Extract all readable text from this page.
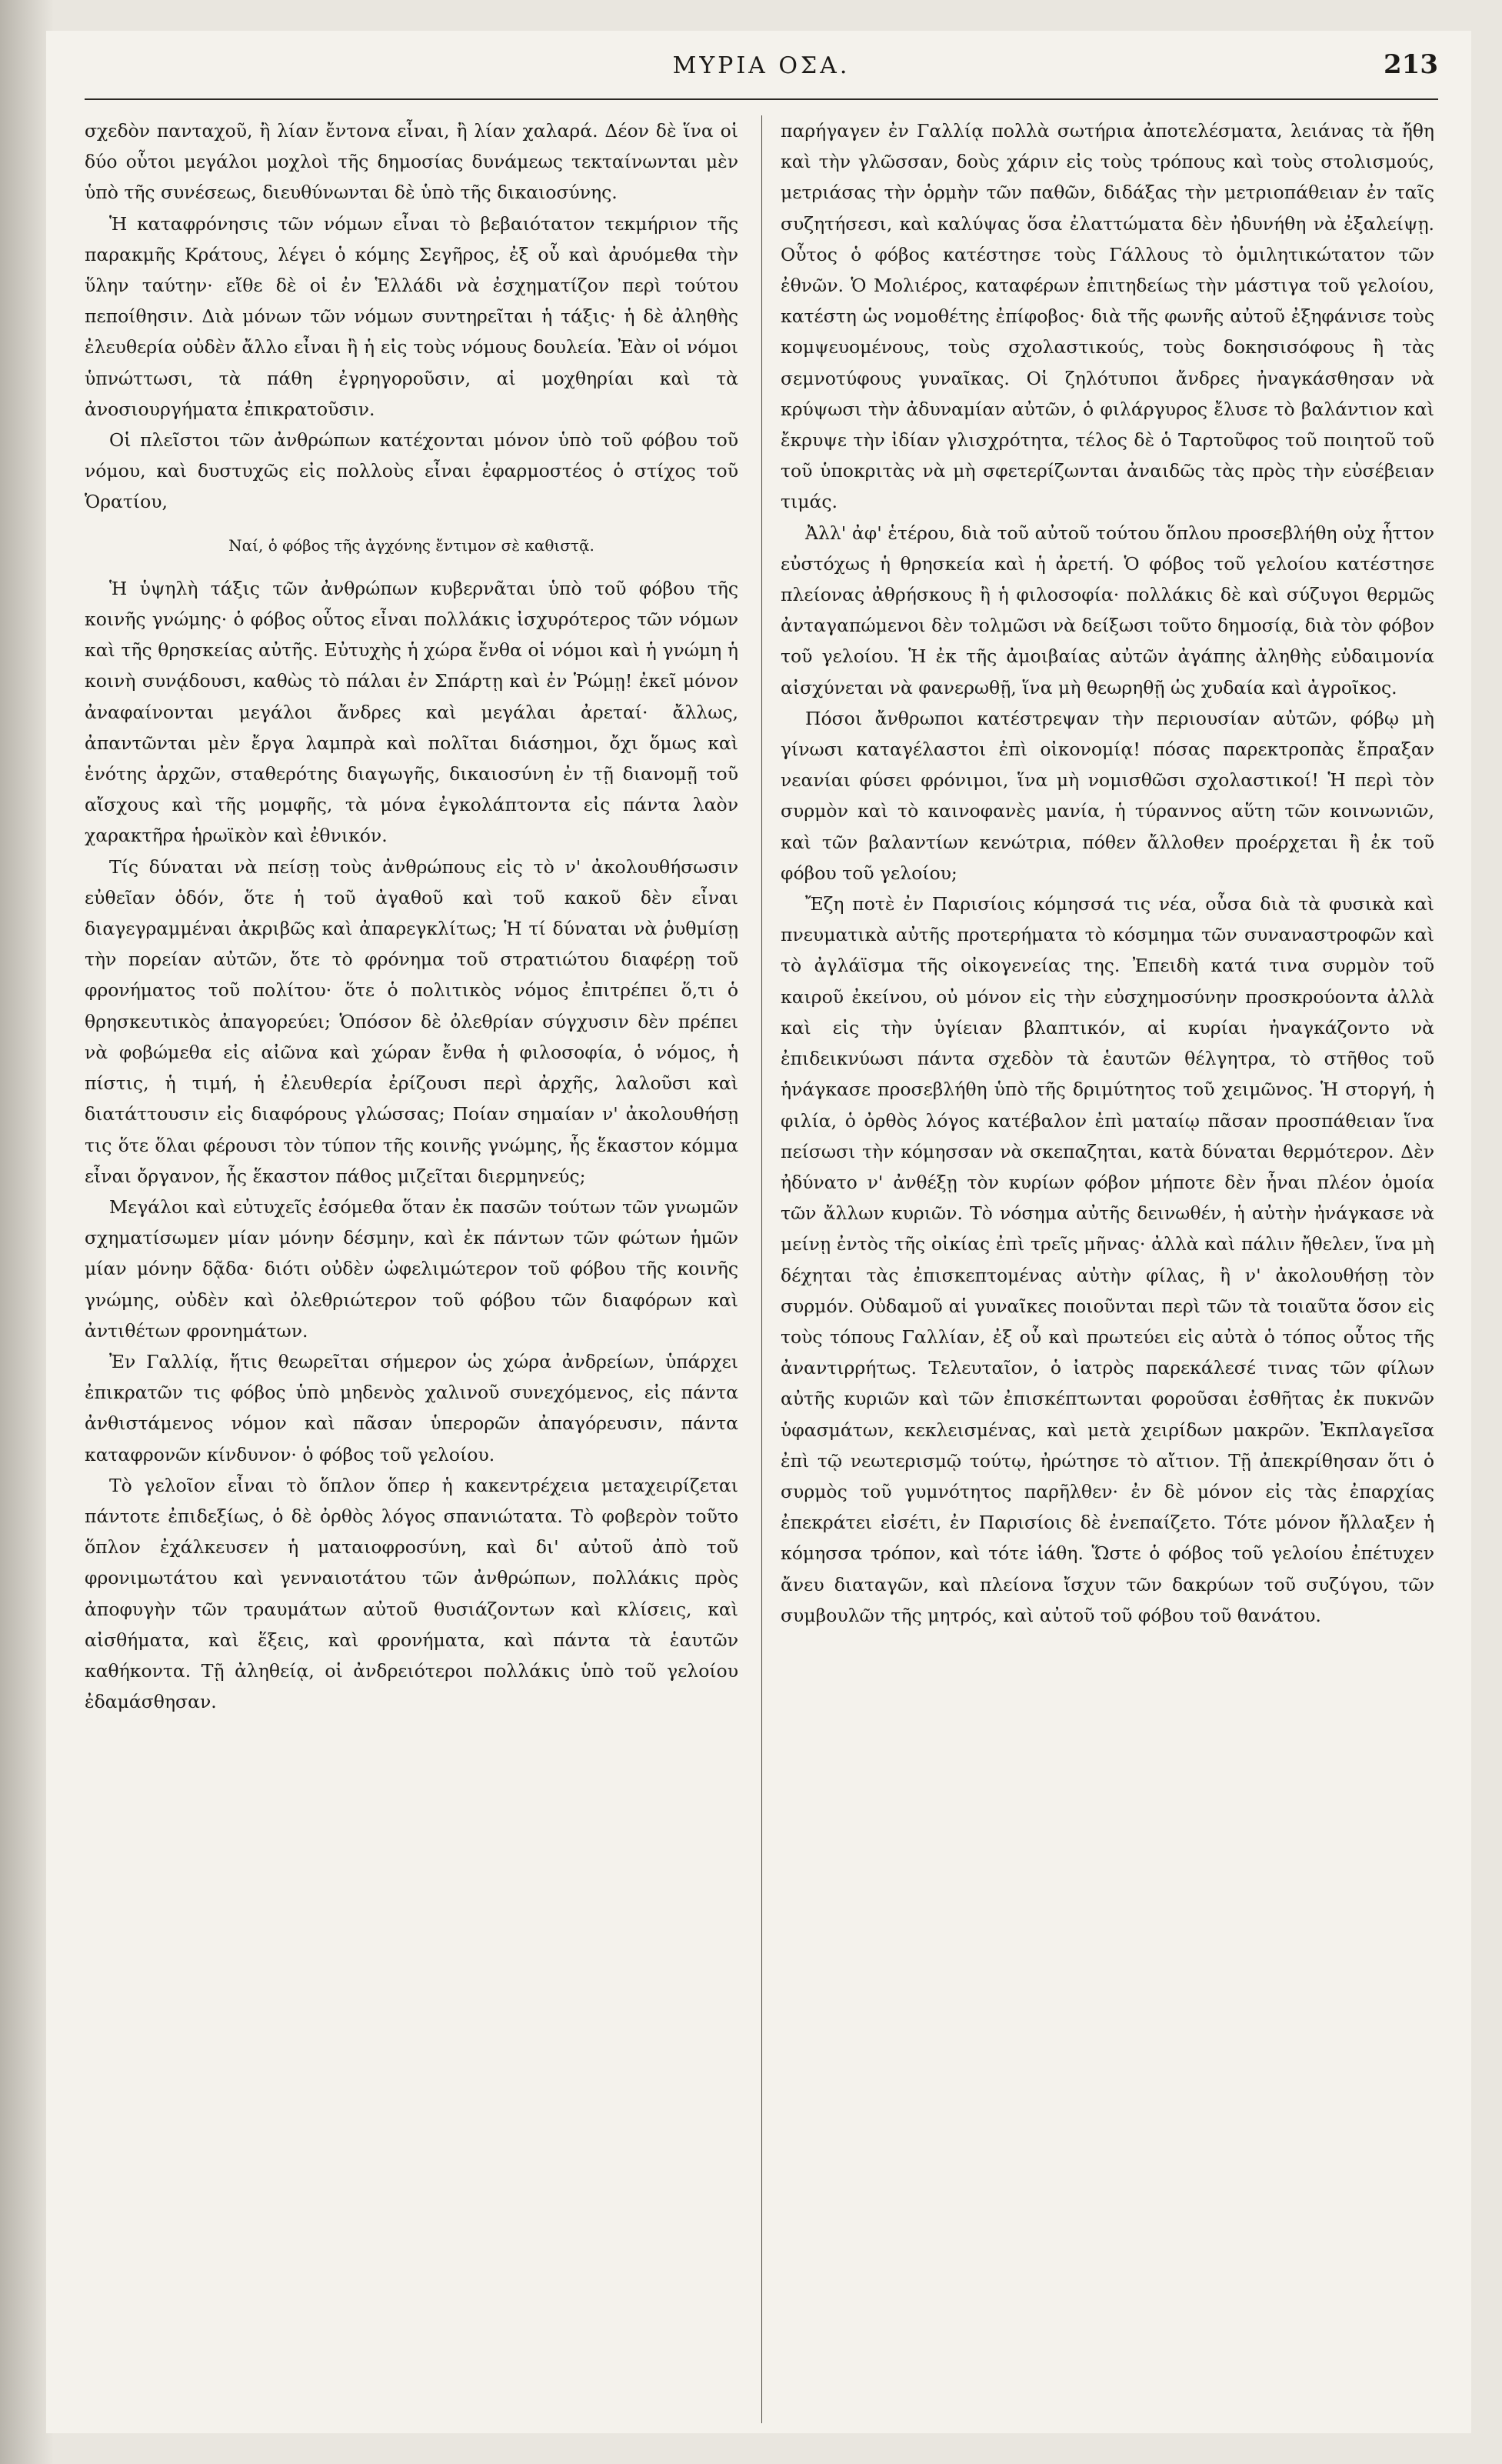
ΜΥΡΙΑ ΟΣΑ.	213

σχεδὸν πανταχοῦ, ἢ λίαν ἔντονα εἶναι, ἢ λίαν χαλαρά. Δέον δὲ ἵνα οἱ δύο οὗτοι μεγάλοι μοχλοὶ τῆς δημοσίας δυνάμεως τεκταίνωνται μὲν ὑπὸ τῆς συνέσεως, διευθύνωνται δὲ ὑπὸ τῆς δικαιοσύνης.

Ἡ καταφρόνησις τῶν νόμων εἶναι τὸ βεβαιότατον τεκμήριον τῆς παρακμῆς Κράτους, λέγει ὁ κόμης Σεγῆρος, ἐξ οὗ καὶ ἀρυόμεθα τὴν ὕλην ταύτην· εἴθε δὲ οἱ ἐν Ἑλλάδι νὰ ἐσχηματίζον περὶ τούτου πεποίθησιν. Διὰ μόνων τῶν νόμων συντηρεῖται ἡ τάξις· ἡ δὲ ἀληθὴς ἐλευθερία οὐδὲν ἄλλο εἶναι ἢ ἡ εἰς τοὺς νόμους δουλεία. Ἐὰν οἱ νόμοι ὑπνώττωσι, τὰ πάθη ἐγρηγοροῦσιν, αἱ μοχθηρίαι καὶ τὰ ἀνοσιουργήματα ἐπικρατοῦσιν.

Οἱ πλεῖστοι τῶν ἀνθρώπων κατέχονται μόνον ὑπὸ τοῦ φόβου τοῦ νόμου, καὶ δυστυχῶς εἰς πολλοὺς εἶναι ἐφαρμοστέος ὁ στίχος τοῦ Ὁρατίου,

Ναί, ὁ φόβος τῆς ἀγχόνης ἔντιμον σὲ καθιστᾷ.

Ἡ ὑψηλὴ τάξις τῶν ἀνθρώπων κυβερνᾶται ὑπὸ τοῦ φόβου τῆς κοινῆς γνώμης· ὁ φόβος οὗτος εἶναι πολλάκις ἰσχυρότερος τῶν νόμων καὶ τῆς θρησκείας αὐτῆς. Εὐτυχὴς ἡ χώρα ἔνθα οἱ νόμοι καὶ ἡ γνώμη ἡ κοινὴ συνᾴδουσι, καθὼς τὸ πάλαι ἐν Σπάρτῃ καὶ ἐν Ῥώμῃ! ἐκεῖ μόνον ἀναφαίνονται μεγάλοι ἄνδρες καὶ μεγάλαι ἀρεταί· ἄλλως, ἀπαντῶνται μὲν ἔργα λαμπρὰ καὶ πολῖται διάσημοι, ὄχι ὅμως καὶ ἑνότης ἀρχῶν, σταθερότης διαγωγῆς, δικαιοσύνη ἐν τῇ διανομῇ τοῦ αἴσχους καὶ τῆς μομφῆς, τὰ μόνα ἐγκολάπτοντα εἰς πάντα λαὸν χαρακτῆρα ἡρωϊκὸν καὶ ἐθνικόν.

Τίς δύναται νὰ πείσῃ τοὺς ἀνθρώπους εἰς τὸ ν' ἀκολουθήσωσιν εὐθεῖαν ὁδόν, ὅτε ἡ τοῦ ἀγαθοῦ καὶ τοῦ κακοῦ δὲν εἶναι διαγεγραμμέναι ἀκριβῶς καὶ ἀπαρεγκλίτως; Ἡ τί δύναται νὰ ῥυθμίσῃ τὴν πορείαν αὐτῶν, ὅτε τὸ φρόνημα τοῦ στρατιώτου διαφέρῃ τοῦ φρονήματος τοῦ πολίτου· ὅτε ὁ πολιτικὸς νόμος ἐπιτρέπει ὅ,τι ὁ θρησκευτικὸς ἀπαγορεύει; Ὁπόσον δὲ ὀλεθρίαν σύγχυσιν δὲν πρέπει νὰ φοβώμεθα εἰς αἰῶνα καὶ χώραν ἔνθα ἡ φιλοσοφία, ὁ νόμος, ἡ πίστις, ἡ τιμή, ἡ ἐλευθερία ἐρίζουσι περὶ ἀρχῆς, λαλοῦσι καὶ διατάττουσιν εἰς διαφόρους γλώσσας; Ποίαν σημαίαν ν' ἀκολουθήσῃ τις ὅτε ὅλαι φέρουσι τὸν τύπον τῆς κοινῆς γνώμης, ἧς ἕκαστον κόμμα εἶναι ὄργανον, ἧς ἕκαστον πάθος μιζεῖται διερμηνεύς;

Μεγάλοι καὶ εὐτυχεῖς ἐσόμεθα ὅταν ἐκ πασῶν τούτων τῶν γνωμῶν σχηματίσωμεν μίαν μόνην δέσμην, καὶ ἐκ πάντων τῶν φώτων ἡμῶν μίαν μόνην δᾷδα· διότι οὐδὲν ὠφελιμώτερον τοῦ φόβου τῆς κοινῆς γνώμης, οὐδὲν καὶ ὀλεθριώτερον τοῦ φόβου τῶν διαφόρων καὶ ἀντιθέτων φρονημάτων.

Ἐν Γαλλίᾳ, ἥτις θεωρεῖται σήμερον ὡς χώρα ἀνδρείων, ὑπάρχει ἐπικρατῶν τις φόβος ὑπὸ μηδενὸς χαλινοῦ συνεχόμενος, εἰς πάντα ἀνθιστάμενος νόμον καὶ πᾶσαν ὑπερορῶν ἀπαγόρευσιν, πάντα καταφρονῶν κίνδυνον· ὁ φόβος τοῦ γελοίου.

Τὸ γελοῖον εἶναι τὸ ὅπλον ὅπερ ἡ κακεντρέχεια μεταχειρίζεται πάντοτε ἐπιδεξίως, ὁ δὲ ὀρθὸς λόγος σπανιώτατα. Τὸ φοβερὸν τοῦτο ὅπλον ἐχάλκευσεν ἡ ματαιοφροσύνη, καὶ δι' αὐτοῦ ἀπὸ τοῦ φρονιμωτάτου καὶ γενναιοτάτου τῶν ἀνθρώπων, πολλάκις πρὸς ἀποφυγὴν τῶν τραυμάτων αὐτοῦ θυσιάζοντων καὶ κλίσεις, καὶ αἰσθήματα, καὶ ἕξεις, καὶ φρονήματα, καὶ πάντα τὰ ἑαυτῶν καθήκοντα. Τῇ ἀληθείᾳ, οἱ ἀνδρειότεροι πολλάκις ὑπὸ τοῦ γελοίου ἐδαμάσθησαν.

παρήγαγεν ἐν Γαλλίᾳ πολλὰ σωτήρια ἀποτελέσματα, λειάνας τὰ ἤθη καὶ τὴν γλῶσσαν, δοὺς χάριν εἰς τοὺς τρόπους καὶ τοὺς στολισμούς, μετριάσας τὴν ὁρμὴν τῶν παθῶν, διδάξας τὴν μετριοπάθειαν ἐν ταῖς συζητήσεσι, καὶ καλύψας ὅσα ἐλαττώματα δὲν ἠδυνήθη νὰ ἐξαλείψῃ. Οὗτος ὁ φόβος κατέστησε τοὺς Γάλλους τὸ ὁμιλητικώτατον τῶν ἐθνῶν. Ὁ Μολιέρος, καταφέρων ἐπιτηδείως τὴν μάστιγα τοῦ γελοίου, κατέστη ὡς νομοθέτης ἐπίφοβος· διὰ τῆς φωνῆς αὐτοῦ ἐξηφάνισε τοὺς κομψευομένους, τοὺς σχολαστικούς, τοὺς δοκησισόφους ἢ τὰς σεμνοτύφους γυναῖκας. Οἱ ζηλότυποι ἄνδρες ἠναγκάσθησαν νὰ κρύψωσι τὴν ἀδυναμίαν αὐτῶν, ὁ φιλάργυρος ἔλυσε τὸ βαλάντιον καὶ ἔκρυψε τὴν ἰδίαν γλισχρότητα, τέλος δὲ ὁ Ταρτοῦφος τοῦ ποιητοῦ τοῦ τοῦ ὑποκριτὰς νὰ μὴ σφετερίζωνται ἀναιδῶς τὰς πρὸς τὴν εὐσέβειαν τιμάς.

Ἀλλ' ἀφ' ἑτέρου, διὰ τοῦ αὐτοῦ τούτου ὅπλου προσεβλήθη οὐχ ἧττον εὐστόχως ἡ θρησκεία καὶ ἡ ἀρετή. Ὁ φόβος τοῦ γελοίου κατέστησε πλείονας ἀθρήσκους ἢ ἡ φιλοσοφία· πολλάκις δὲ καὶ σύζυγοι θερμῶς ἀνταγαπώμενοι δὲν τολμῶσι νὰ δείξωσι τοῦτο δημοσίᾳ, διὰ τὸν φόβον τοῦ γελοίου. Ἡ ἐκ τῆς ἀμοιβαίας αὐτῶν ἀγάπης ἀληθὴς εὐδαιμονία αἰσχύνεται νὰ φανερωθῇ, ἵνα μὴ θεωρηθῇ ὡς χυδαία καὶ ἀγροῖκος.

Πόσοι ἄνθρωποι κατέστρεψαν τὴν περιουσίαν αὐτῶν, φόβῳ μὴ γίνωσι καταγέλαστοι ἐπὶ οἰκονομίᾳ! πόσας παρεκτροπὰς ἔπραξαν νεανίαι φύσει φρόνιμοι, ἵνα μὴ νομισθῶσι σχολαστικοί! Ἡ περὶ τὸν συρμὸν καὶ τὸ καινοφανὲς μανία, ἡ τύραννος αὕτη τῶν κοινωνιῶν, καὶ τῶν βαλαντίων κενώτρια, πόθεν ἄλλοθεν προέρχεται ἢ ἐκ τοῦ φόβου τοῦ γελοίου;

Ἔζη ποτὲ ἐν Παρισίοις κόμησσά τις νέα, οὖσα διὰ τὰ φυσικὰ καὶ πνευματικὰ αὐτῆς προτερήματα τὸ κόσμημα τῶν συναναστροφῶν καὶ τὸ ἀγλάϊσμα τῆς οἰκογενείας της. Ἐπειδὴ κατά τινα συρμὸν τοῦ καιροῦ ἐκείνου, οὐ μόνον εἰς τὴν εὐσχημοσύνην προσκρούοντα ἀλλὰ καὶ εἰς τὴν ὑγίειαν βλαπτικόν, αἱ κυρίαι ἠναγκάζοντο νὰ ἐπιδεικνύωσι πάντα σχεδὸν τὰ ἑαυτῶν θέλγητρα, τὸ στῆθος τοῦ ἡνάγκασε προσεβλήθη ὑπὸ τῆς δριμύτητος τοῦ χειμῶνος. Ἡ στοργή, ἡ φιλία, ὁ ὀρθὸς λόγος κατέβαλον ἐπὶ ματαίῳ πᾶσαν προσπάθειαν ἵνα πείσωσι τὴν κόμησσαν νὰ σκεπαζηται, κατὰ δύναται θερμότερον. Δὲν ἠδύνατο ν' ἀνθέξῃ τὸν κυρίων φόβον μήποτε δὲν ἦναι πλέον ὁμοία τῶν ἄλλων κυριῶν. Τὸ νόσημα αὐτῆς δεινωθέν, ἡ αὐτὴν ἠνάγκασε νὰ μείνῃ ἐντὸς τῆς οἰκίας ἐπὶ τρεῖς μῆνας· ἀλλὰ καὶ πάλιν ἤθελεν, ἵνα μὴ δέχηται τὰς ἐπισκεπτομένας αὐτὴν φίλας, ἢ ν' ἀκολουθήσῃ τὸν συρμόν. Οὐδαμοῦ αἱ γυναῖκες ποιοῦνται περὶ τῶν τὰ τοιαῦτα ὅσον εἰς τοὺς τόπους Γαλλίαν, ἐξ οὗ καὶ πρωτεύει εἰς αὐτὰ ὁ τόπος οὗτος τῆς ἀναντιρρήτως. Τελευταῖον, ὁ ἰατρὸς παρεκάλεσέ τινας τῶν φίλων αὐτῆς κυριῶν καὶ τῶν ἐπισκέπτωνται φοροῦσαι ἐσθῆτας ἐκ πυκνῶν ὑφασμάτων, κεκλεισμένας, καὶ μετὰ χειρίδων μακρῶν. Ἐκπλαγεῖσα ἐπὶ τῷ νεωτερισμῷ τούτῳ, ἠρώτησε τὸ αἴτιον. Τῇ ἀπεκρίθησαν ὅτι ὁ συρμὸς τοῦ γυμνότητος παρῆλθεν· ἐν δὲ μόνον εἰς τὰς ἐπαρχίας ἐπεκράτει εἰσέτι, ἐν Παρισίοις δὲ ἐνεπαίζετο. Τότε μόνον ἤλλαξεν ἡ κόμησσα τρόπον, καὶ τότε ἰάθη. Ὥστε ὁ φόβος τοῦ γελοίου ἐπέτυχεν ἄνευ διαταγῶν, καὶ πλείονα ἴσχυν τῶν δακρύων τοῦ συζύγου, τῶν συμβουλῶν τῆς μητρός, καὶ αὐτοῦ τοῦ φόβου τοῦ θανάτου.
